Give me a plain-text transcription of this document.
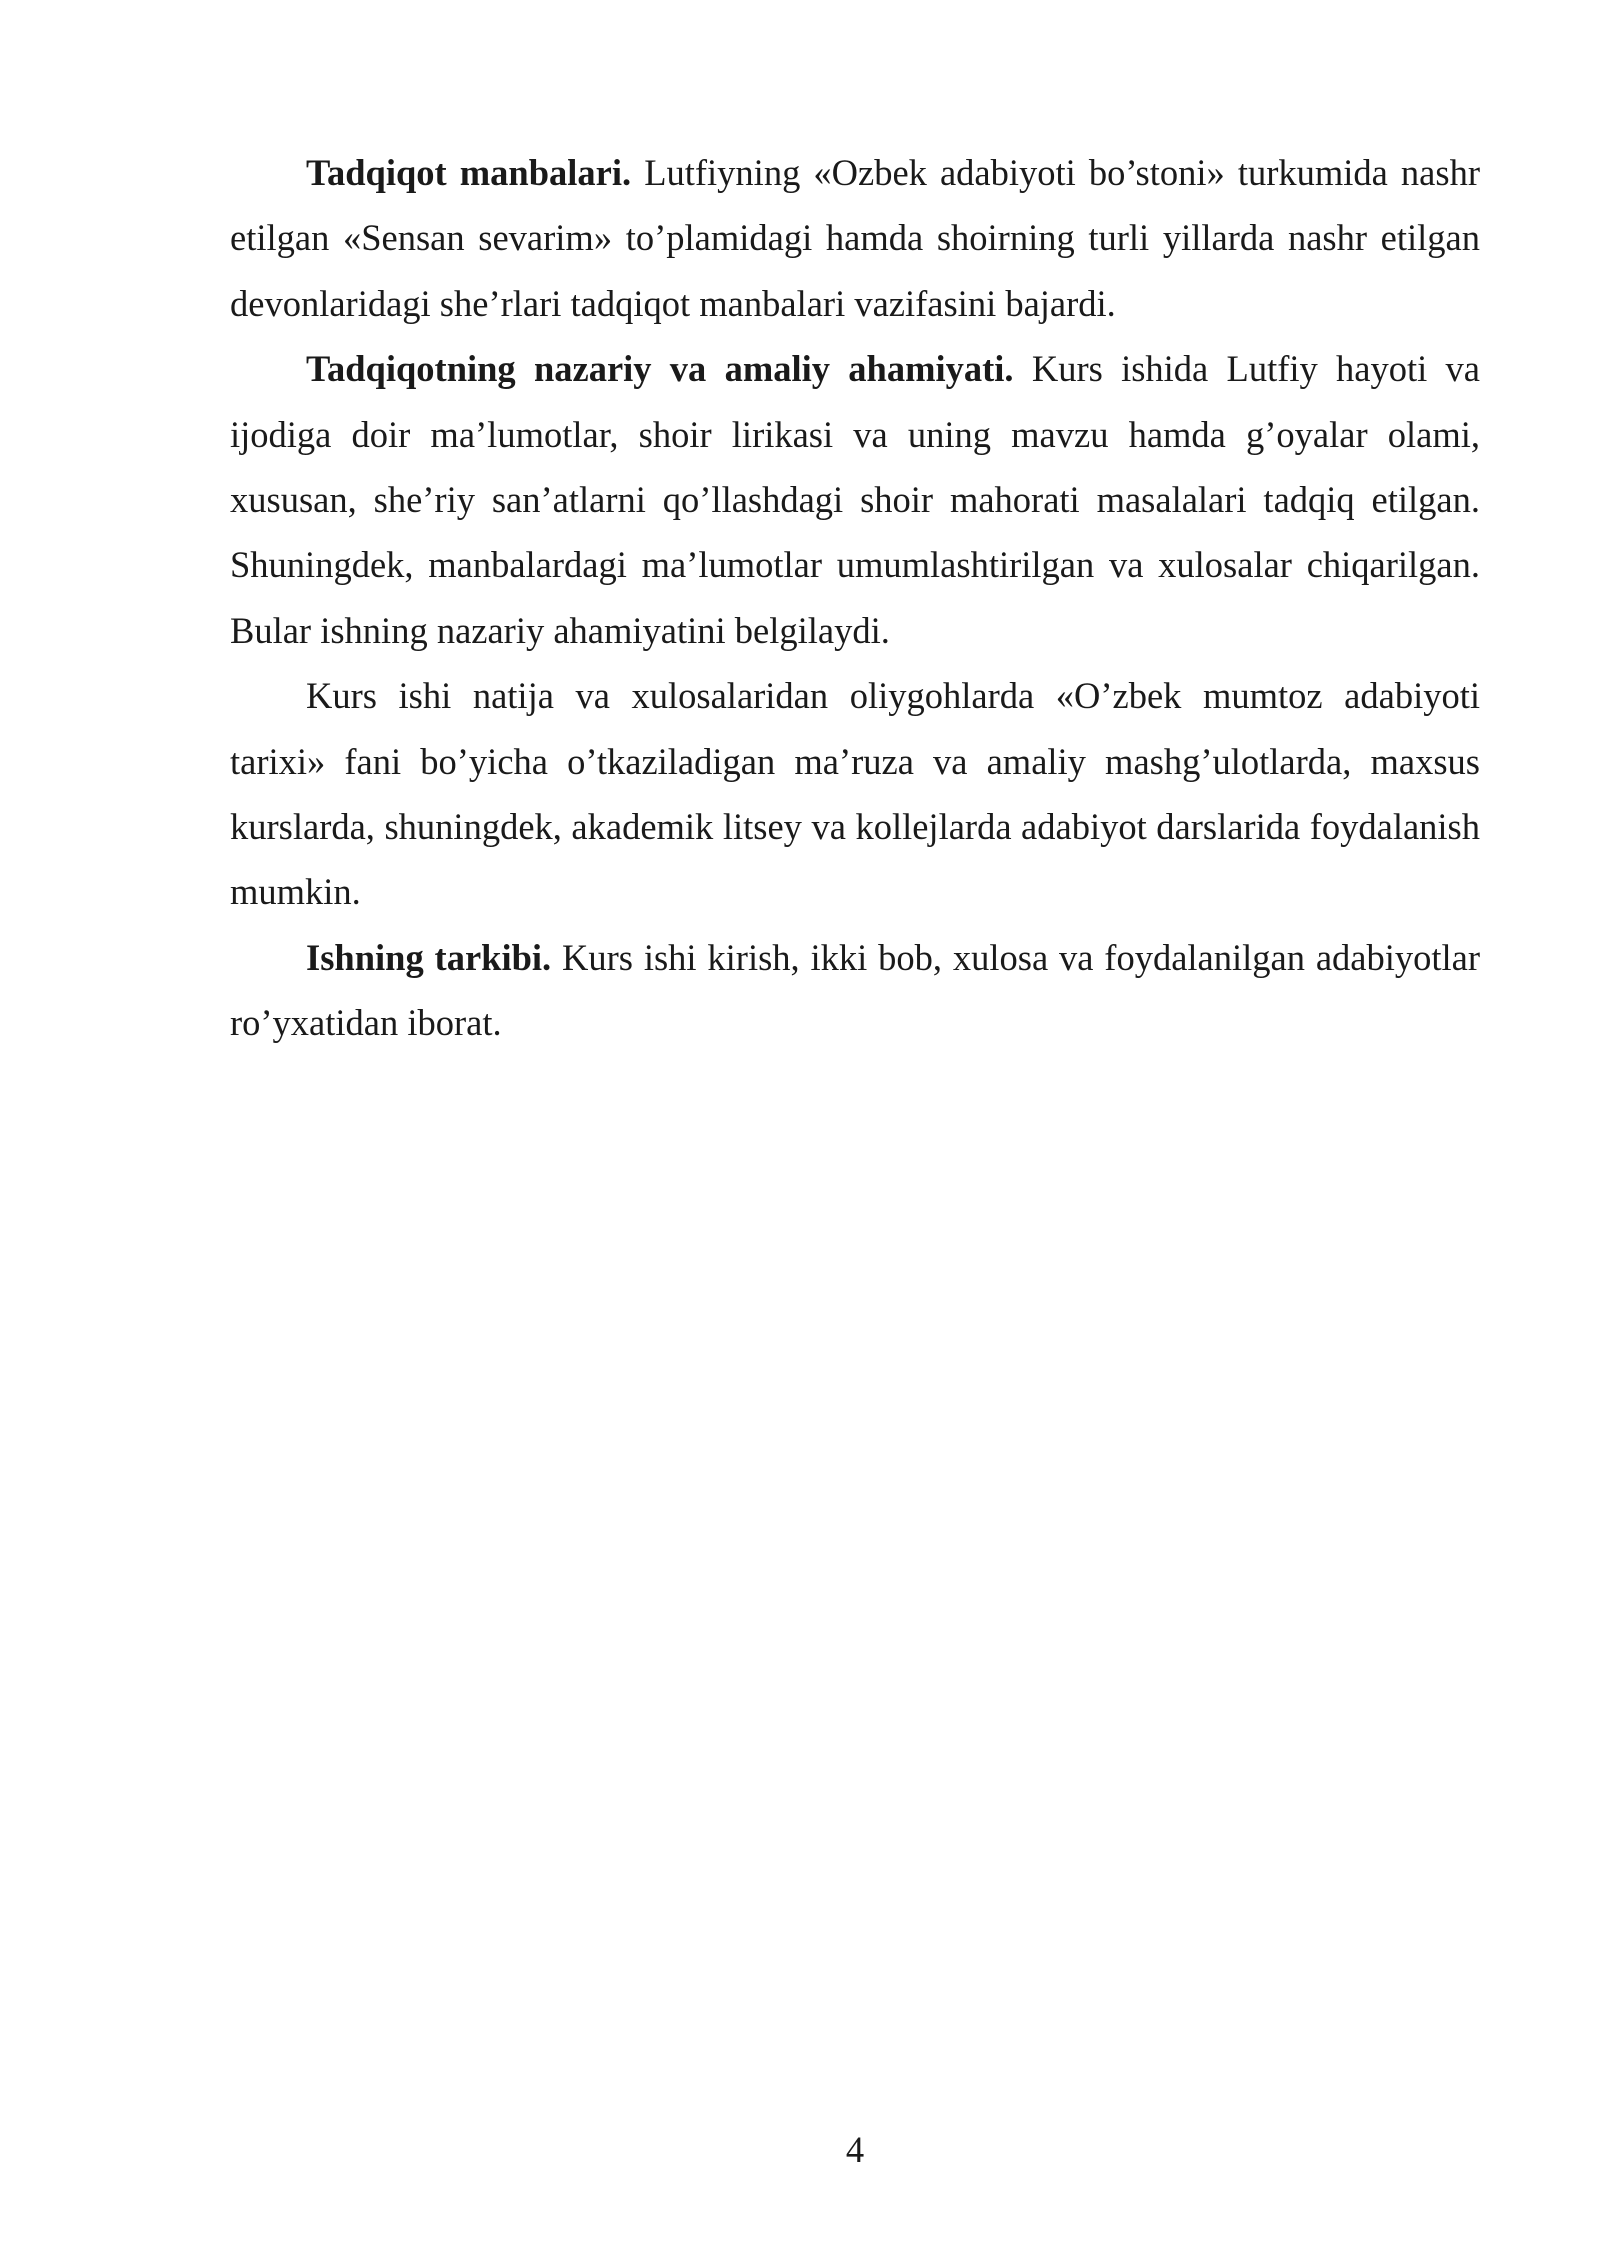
Tadqiqot manbalari. Lutfiyning «Ozbek adabiyoti bo’stoni» turkumida nashr etilgan «Sensan sevarim» to’plamidagi hamda shoirning turli yillarda nashr etilgan devonlaridagi she’rlari tadqiqot manbalari vazifasini bajardi.

Tadqiqotning nazariy va amaliy ahamiyati. Kurs ishida Lutfiy hayoti va ijodiga doir ma’lumotlar, shoir lirikasi va uning mavzu hamda g’oyalar olami, xususan, she’riy san’atlarni qo’llashdagi shoir mahorati masalalari tadqiq etilgan. Shuningdek, manbalardagi ma’lumotlar umumlashtirilgan va xulosalar chiqarilgan. Bular ishning nazariy ahamiyatini belgilaydi.

Kurs ishi natija va xulosalaridan oliygohlarda «O’zbek mumtoz adabiyoti tarixi» fani bo’yicha o’tkaziladigan ma’ruza va amaliy mashg’ulotlarda, maxsus kurslarda, shuningdek, akademik litsey va kollejlarda adabiyot darslarida foydalanish mumkin.

Ishning tarkibi. Kurs ishi kirish, ikki bob, xulosa va foydalanilgan adabiyotlar ro’yxatidan iborat.

4
